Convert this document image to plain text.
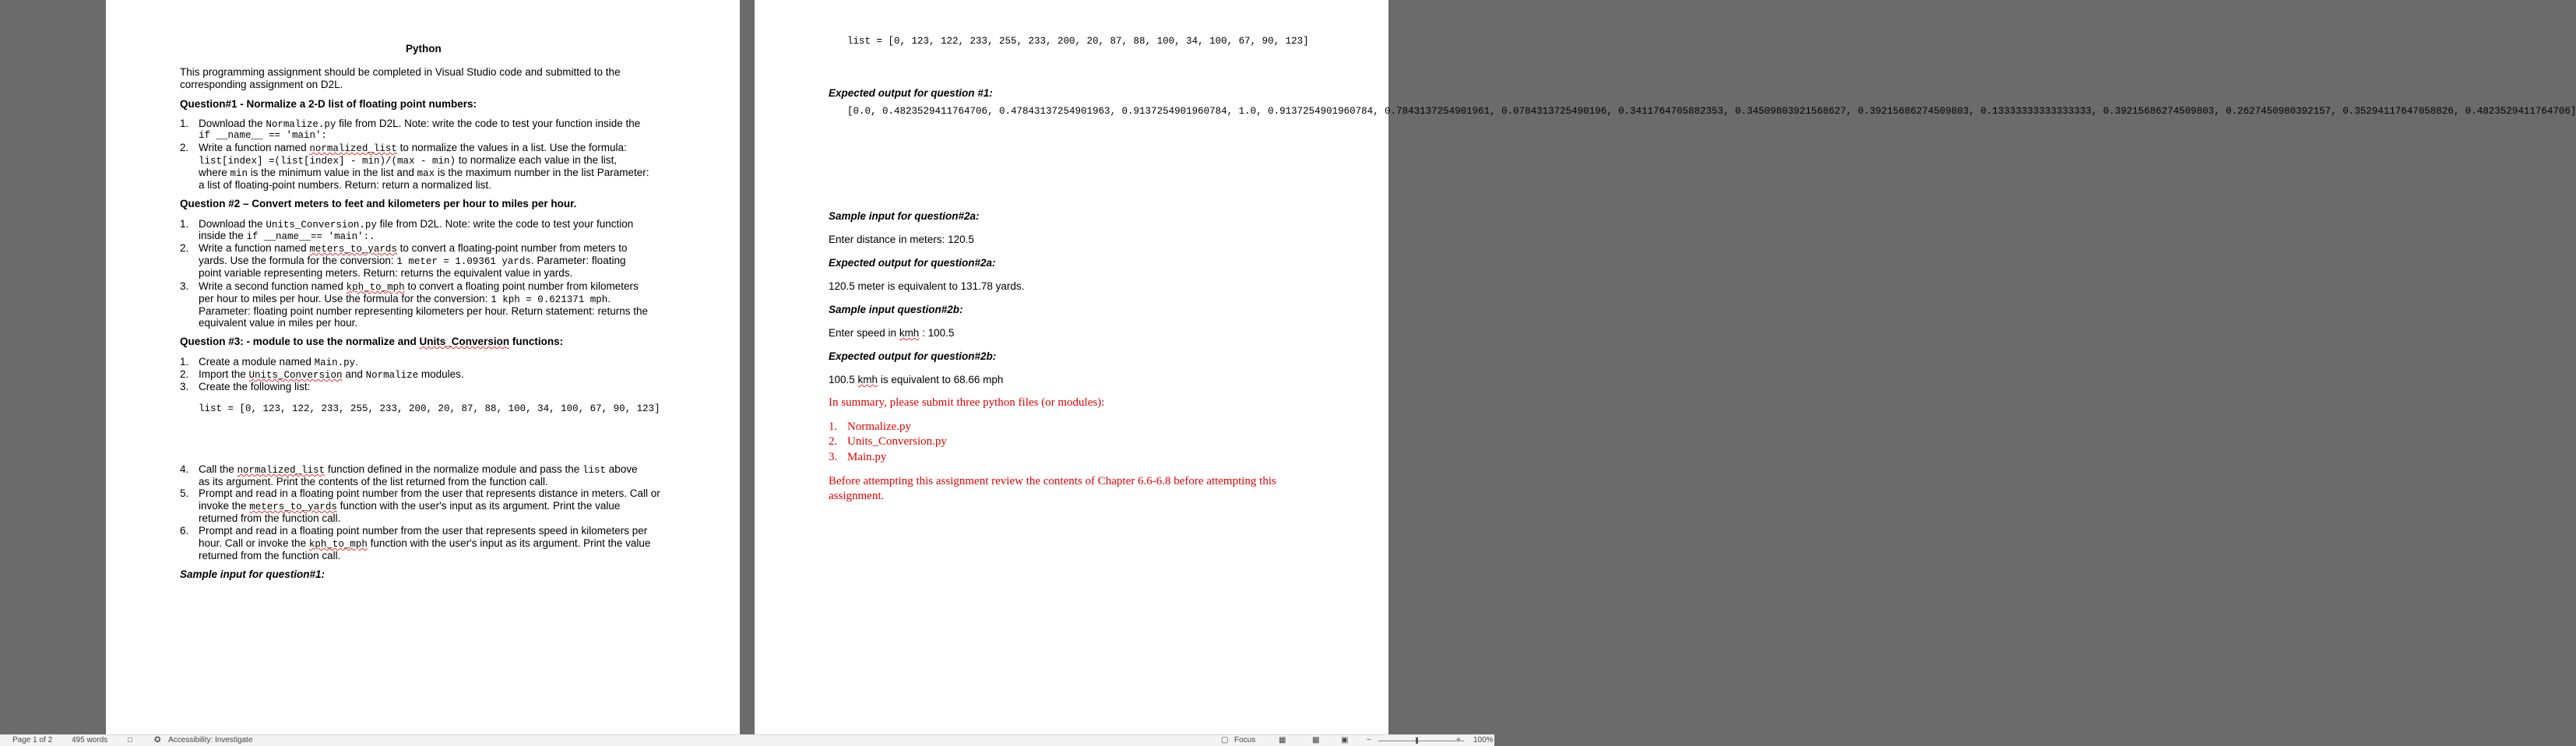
Python
This programming assignment should be completed in Visual Studio code and submitted to the
corresponding assignment on D2L.
Question#1 - Normalize a 2-D list of floating point numbers:
1. Download the Normalize.py file from D2L. Note: write the code to test your function inside the
if __name__ == 'main':
2. Write a function named normalized_list to normalize the values in a list. Use the formula:
list[index] =(list[index] - min)/(max - min) to normalize each value in the list,
where min is the minimum value in the list and max is the maximum number in the list Parameter:
a list of floating-point numbers. Return: return a normalized list.
Question #2 – Convert meters to feet and kilometers per hour to miles per hour.
1. Download the Units_Conversion.py file from D2L. Note: write the code to test your function
inside the if __name__== 'main':.
2. Write a function named meters_to_yards to convert a floating-point number from meters to
yards. Use the formula for the conversion: 1 meter = 1.09361 yards. Parameter: floating
point variable representing meters. Return: returns the equivalent value in yards.
3. Write a second function named kph_to_mph to convert a floating point number from kilometers
per hour to miles per hour. Use the formula for the conversion: 1 kph = 0.621371 mph.
Parameter: floating point number representing kilometers per hour. Return statement: returns the
equivalent value in miles per hour.
Question #3: - module to use the normalize and Units_Conversion functions:
1. Create a module named Main.py.
2. Import the Units_Conversion and Normalize modules.
3. Create the following list:
list = [0, 123, 122, 233, 255, 233, 200, 20, 87, 88, 100, 34, 100, 67, 90, 123]
4. Call the normalized_list function defined in the normalize module and pass the list above
as its argument. Print the contents of the list returned from the function call.
5. Prompt and read in a floating point number from the user that represents distance in meters. Call or
invoke the meters_to_yards function with the user's input as its argument. Print the value
returned from the function call.
6. Prompt and read in a floating point number from the user that represents speed in kilometers per
hour. Call or invoke the kph_to_mph function with the user's input as its argument. Print the value
returned from the function call.
Sample input for question#1:
list = [0, 123, 122, 233, 255, 233, 200, 20, 87, 88, 100, 34, 100, 67, 90, 123]
Expected output for question #1:
[0.0, 0.4823529411764706, 0.47843137254901963, 0.9137254901960784, 1.0, 0.9137254901960784, 0.7843137254901961, 0.0784313725490196, 0.3411764705882353, 0.34509803921568627, 0.39215686274509803, 0.13333333333333333, 0.39215686274509803, 0.2627450980392157, 0.35294117647058826, 0.4823529411764706]
Sample input for question#2a:
Enter distance in meters: 120.5
Expected output for question#2a:
120.5 meter is equivalent to 131.78 yards.
Sample input question#2b:
Enter speed in kmh : 100.5
Expected output for question#2b:
100.5 kmh is equivalent to 68.66 mph
In summary, please submit three python files (or modules):
1. Normalize.py
2. Units_Conversion.py
3. Main.py
Before attempting this assignment review the contents of Chapter 6.6-6.8 before attempting this
assignment.
Page 1 of 2 495 words	□	✪ Accessibility: Investigate	▢ Focus	▦	▩	▣ −	+ 100%
